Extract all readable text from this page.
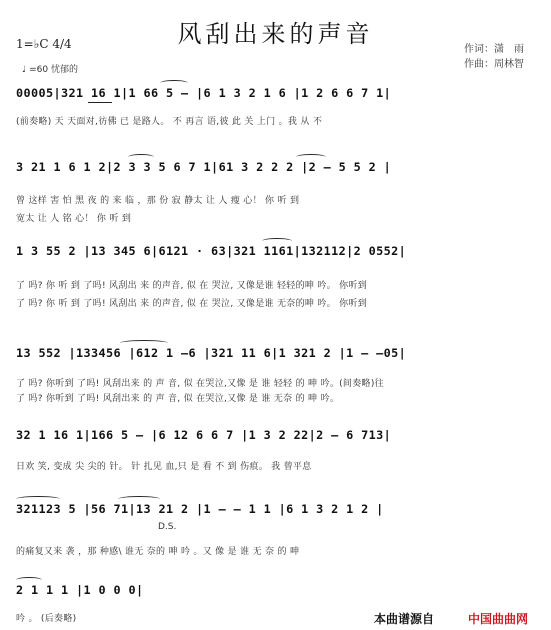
风刮出来的声音
1=♭C 4/4
♩ =60 忧郁的
作词：潇　雨
作曲：周林智
00005|321 16 1|1 66 5 – |6 1 3 2 1 6 |1 2 6 6 7 1|
(前奏略) 天 天面对,彷佛 已 是路人。 不 再言 语,彼 此 关 上门 。我 从 不
3 21 1 6 1 2|2 3 3 5 6 7 1|61 3 2 2 2 |2 – 5 5 2 |
曾 这样 害 怕 黑 夜 的 来 临 ，那 份 寂 静太 让 人 瘦 心！ 你 听 到
宽太 让 人 铭 心！ 你 听 到
1 3 55 2 |13 345 6|6121 · 63|321 1161|132112|2 0552|
了 吗? 你 听 到 了吗! 风刮出 来 的声音, 似 在 哭泣, 又像是谁 轻轻的呻 吟。 你听到
了 吗? 你 听 到 了吗! 风刮出 来 的声音, 似 在 哭泣, 又像是谁 无奈的呻 吟。 你听到
13 552 |133456 |612 1 –6 |321 11 6|1 321 2 |1 – –05|
了 吗? 你听到 了吗! 风刮出来 的 声 音, 似 在哭泣,又像 是 谁 轻轻 的 呻 吟。(间奏略)往
了 吗? 你听到 了吗! 风刮出来 的 声 音, 似 在哭泣,又像 是 谁 无奈 的 呻 吟。
32 1 16 1|166 5 – |6 12 6 6 7 |1 3 2 22|2 – 6 713|
日欢 笑, 变成 尖 尖的 针。 针 扎见 血,只 是 看 不 到 伤痕。 我 曾平息
321123 5 |56 71|13 21 2 |1 – – 1 1 |6 1 3 2 1 2 |
D.S.
的痛复又来 袭 ，那 种感\ 谁无 奈的 呻 吟 。又 像 是 谁 无 奈 的 呻
2 1 1 1 |1 0 0 0|
吟 。 (后奏略)	本曲谱源自	中国曲曲网
